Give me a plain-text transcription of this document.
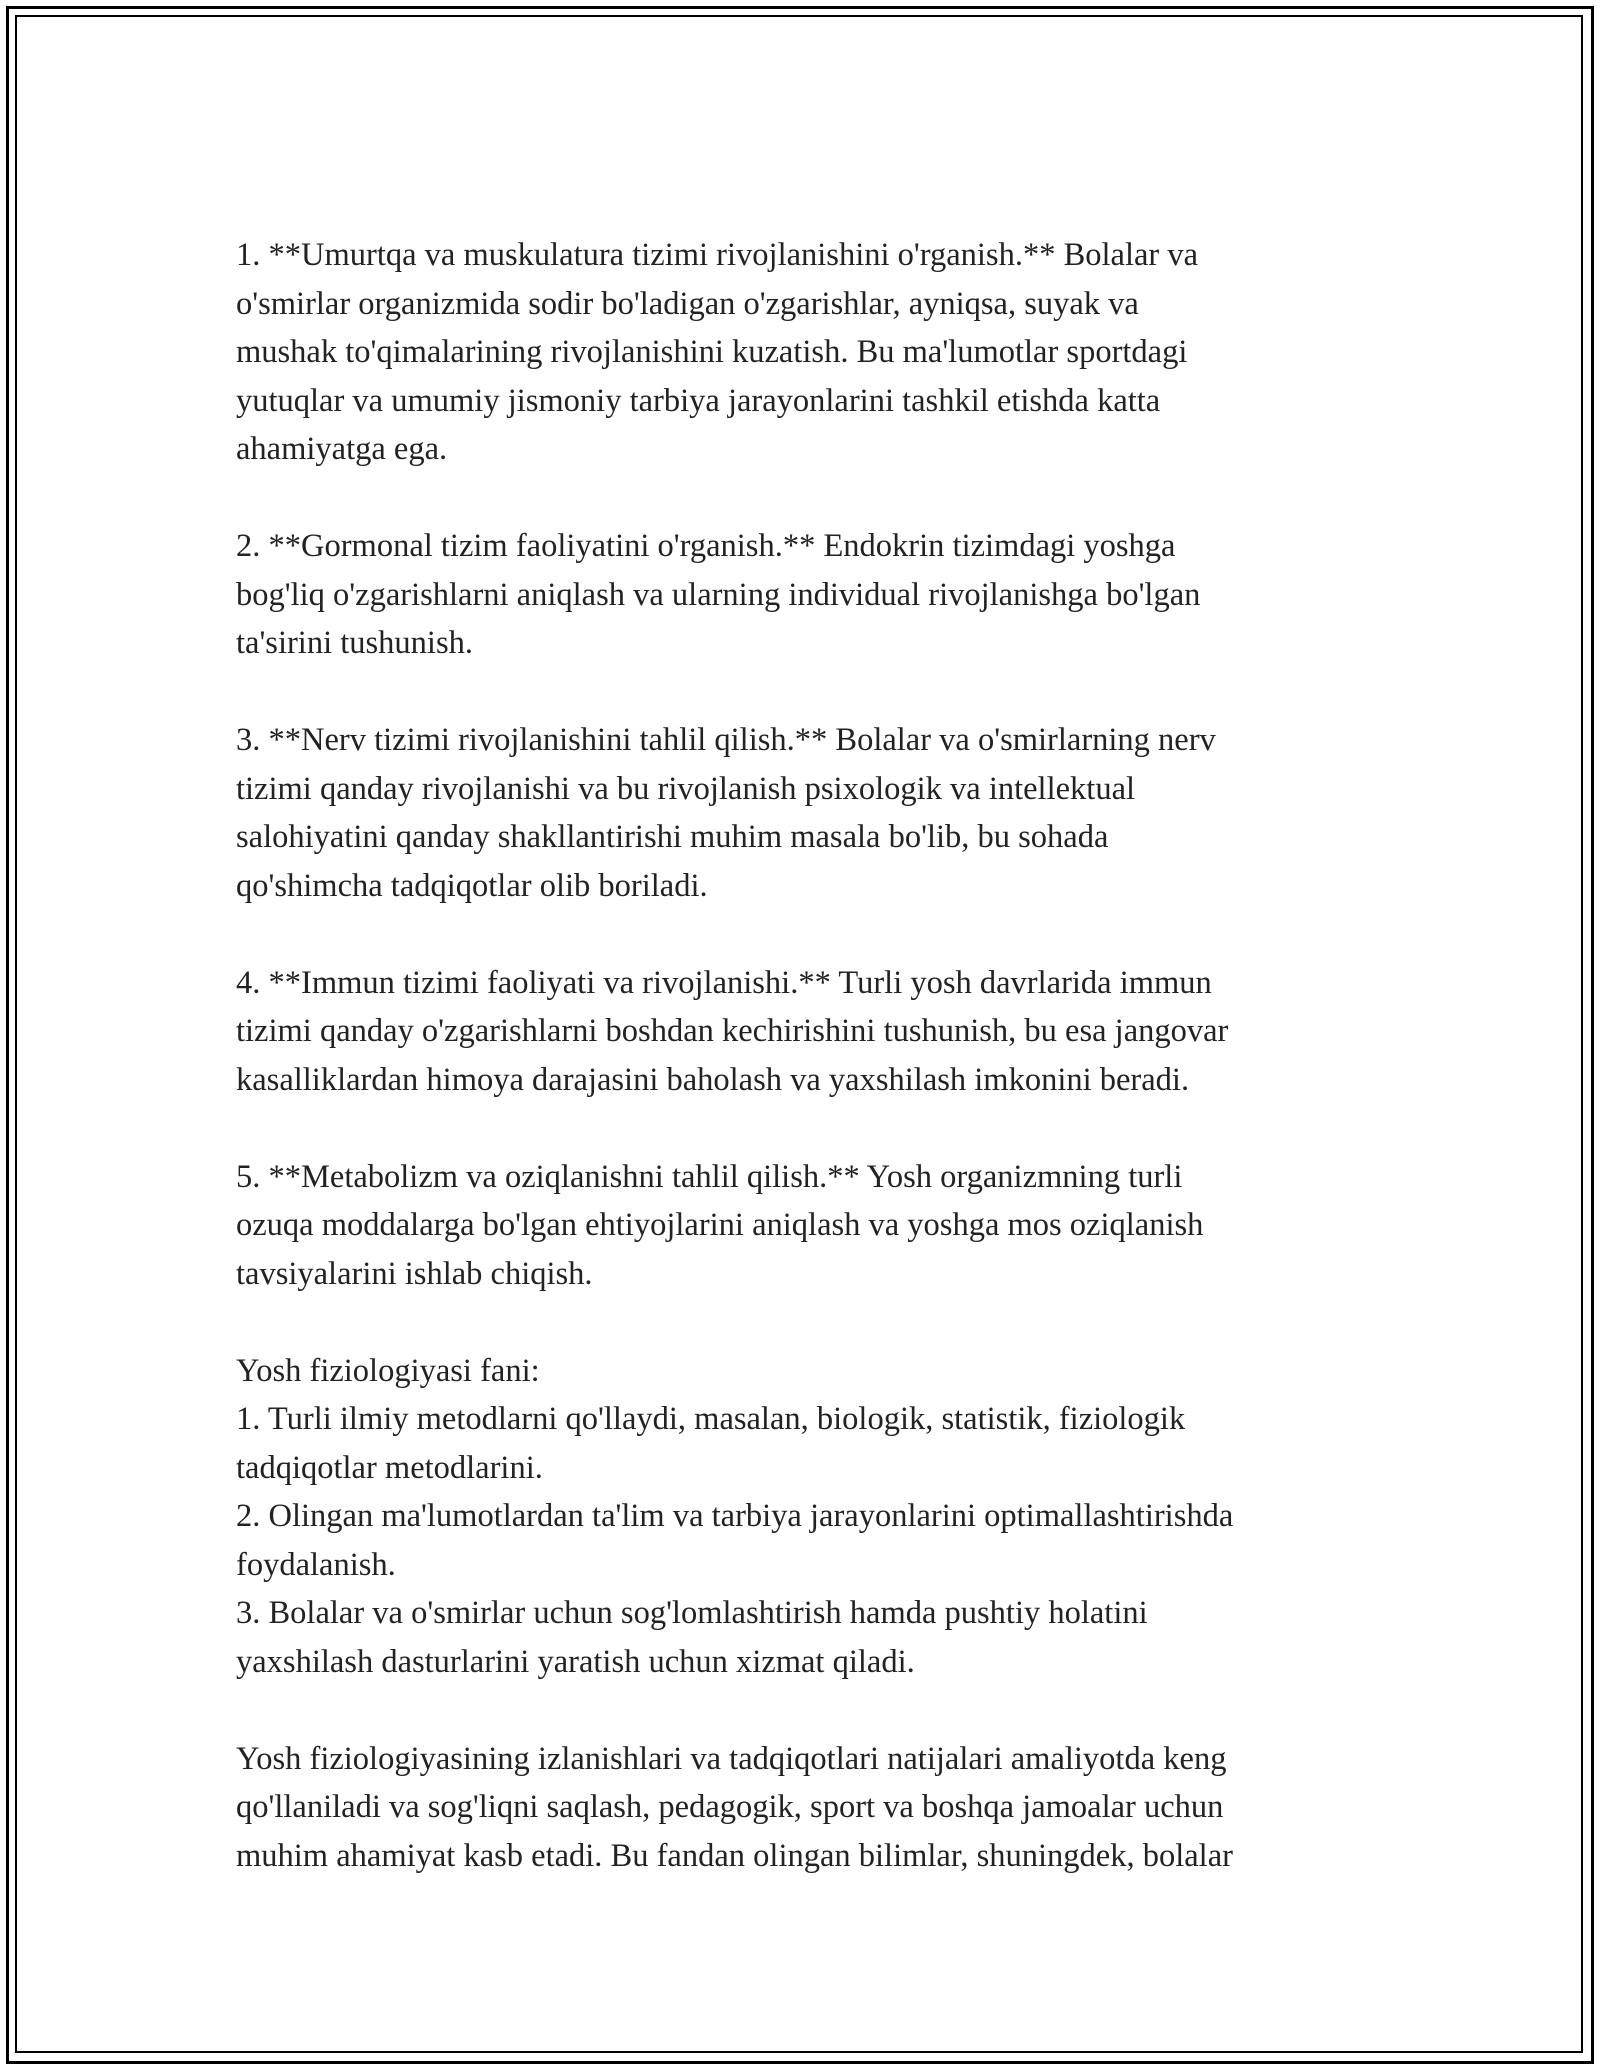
1. **Umurtqa va muskulatura tizimi rivojlanishini o'rganish.** Bolalar va
o'smirlar organizmida sodir bo'ladigan o'zgarishlar, ayniqsa, suyak va
mushak to'qimalarining rivojlanishini kuzatish. Bu ma'lumotlar sportdagi
yutuqlar va umumiy jismoniy tarbiya jarayonlarini tashkil etishda katta
ahamiyatga ega.

2. **Gormonal tizim faoliyatini o'rganish.** Endokrin tizimdagi yoshga
bog'liq o'zgarishlarni aniqlash va ularning individual rivojlanishga bo'lgan
ta'sirini tushunish.

3. **Nerv tizimi rivojlanishini tahlil qilish.** Bolalar va o'smirlarning nerv
tizimi qanday rivojlanishi va bu rivojlanish psixologik va intellektual
salohiyatini qanday shakllantirishi muhim masala bo'lib, bu sohada
qo'shimcha tadqiqotlar olib boriladi.

4. **Immun tizimi faoliyati va rivojlanishi.** Turli yosh davrlarida immun
tizimi qanday o'zgarishlarni boshdan kechirishini tushunish, bu esa jangovar
kasalliklardan himoya darajasini baholash va yaxshilash imkonini beradi.

5. **Metabolizm va oziqlanishni tahlil qilish.** Yosh organizmning turli
ozuqa moddalarga bo'lgan ehtiyojlarini aniqlash va yoshga mos oziqlanish
tavsiyalarini ishlab chiqish.

Yosh fiziologiyasi fani:
1. Turli ilmiy metodlarni qo'llaydi, masalan, biologik, statistik, fiziologik
tadqiqotlar metodlarini.
2. Olingan ma'lumotlardan ta'lim va tarbiya jarayonlarini optimallashtirishda
foydalanish.
3. Bolalar va o'smirlar uchun sog'lomlashtirish hamda pushtiy holatini
yaxshilash dasturlarini yaratish uchun xizmat qiladi.

Yosh fiziologiyasining izlanishlari va tadqiqotlari natijalari amaliyotda keng
qo'llaniladi va sog'liqni saqlash, pedagogik, sport va boshqa jamoalar uchun
muhim ahamiyat kasb etadi. Bu fandan olingan bilimlar, shuningdek, bolalar
